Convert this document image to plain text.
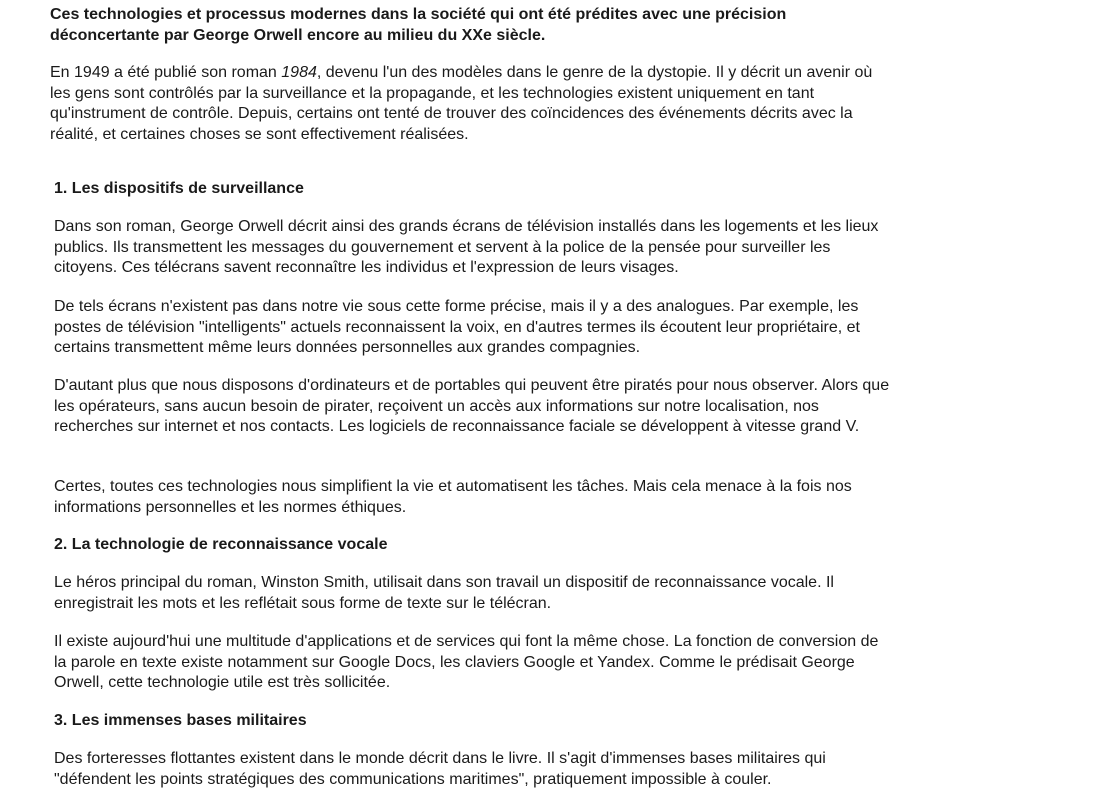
Ces technologies et processus modernes dans la société qui ont été prédites avec une précision déconcertante par George Orwell encore au milieu du XXe siècle.

En 1949 a été publié son roman 1984, devenu l'un des modèles dans le genre de la dystopie. Il y décrit un avenir où les gens sont contrôlés par la surveillance et la propagande, et les technologies existent uniquement en tant qu'instrument de contrôle. Depuis, certains ont tenté de trouver des coïncidences des événements décrits avec la réalité, et certaines choses se sont effectivement réalisées.

1. Les dispositifs de surveillance

Dans son roman, George Orwell décrit ainsi des grands écrans de télévision installés dans les logements et les lieux publics. Ils transmettent les messages du gouvernement et servent à la police de la pensée pour surveiller les citoyens. Ces télécrans savent reconnaître les individus et l'expression de leurs visages.

De tels écrans n'existent pas dans notre vie sous cette forme précise, mais il y a des analogues. Par exemple, les postes de télévision "intelligents" actuels reconnaissent la voix, en d'autres termes ils écoutent leur propriétaire, et certains transmettent même leurs données personnelles aux grandes compagnies.

D'autant plus que nous disposons d'ordinateurs et de portables qui peuvent être piratés pour nous observer. Alors que les opérateurs, sans aucun besoin de pirater, reçoivent un accès aux informations sur notre localisation, nos recherches sur internet et nos contacts. Les logiciels de reconnaissance faciale se développent à vitesse grand V.

Certes, toutes ces technologies nous simplifient la vie et automatisent les tâches. Mais cela menace à la fois nos informations personnelles et les normes éthiques.

2. La technologie de reconnaissance vocale

Le héros principal du roman, Winston Smith, utilisait dans son travail un dispositif de reconnaissance vocale. Il enregistrait les mots et les reflétait sous forme de texte sur le télécran.

Il existe aujourd'hui une multitude d'applications et de services qui font la même chose. La fonction de conversion de la parole en texte existe notamment sur Google Docs, les claviers Google et Yandex. Comme le prédisait George Orwell, cette technologie utile est très sollicitée.

3. Les immenses bases militaires

Des forteresses flottantes existent dans le monde décrit dans le livre. Il s'agit d'immenses bases militaires qui "défendent les points stratégiques des communications maritimes", pratiquement impossible à couler.
